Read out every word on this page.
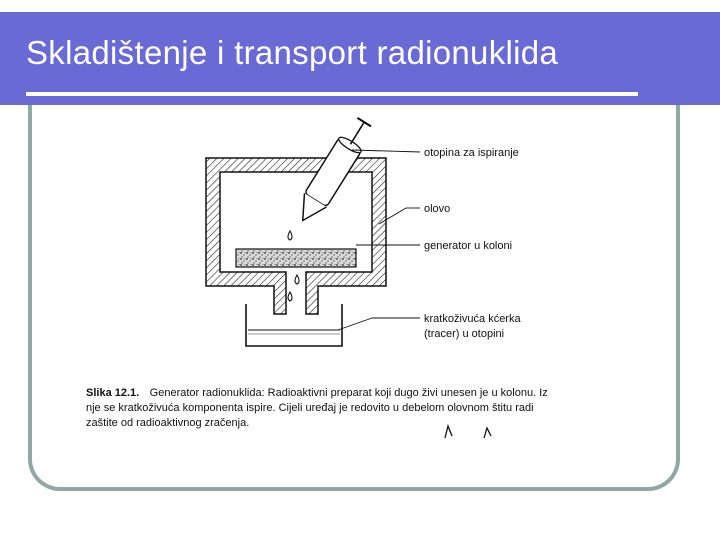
Skladištenje i transport radionuklida
otopina za ispiranje
olovo
generator u koloni
kratkoživuća kćerka
(tracer) u otopini
Slika 12.1. Generator radionuklida: Radioaktivni preparat koji dugo živi unesen je u kolonu. Iz
nje se kratkoživuća komponenta ispire. Cijeli uređaj je redovito u debelom olovnom štitu radi
zaštite od radioaktivnog zračenja.
